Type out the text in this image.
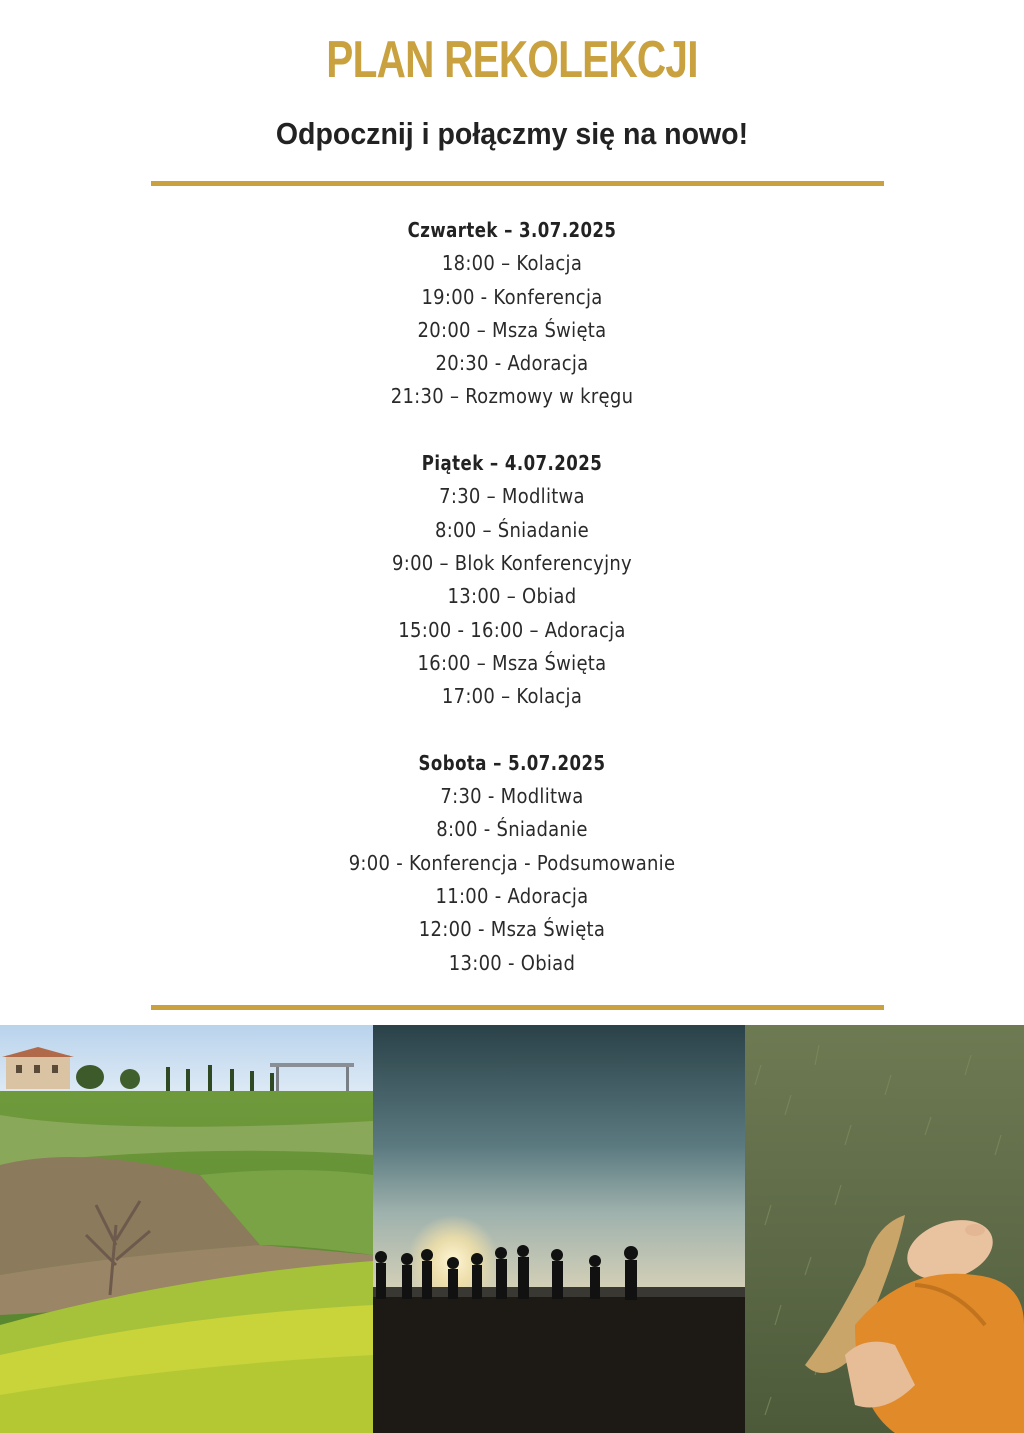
PLAN REKOLEKCJI
Odpocznij i połączmy się na nowo!
Czwartek – 3.07.2025
18:00 – Kolacja
19:00 - Konferencja
20:00 – Msza Święta
20:30 - Adoracja
21:30 – Rozmowy w kręgu
Piątek – 4.07.2025
7:30 – Modlitwa
8:00 – Śniadanie
9:00 – Blok Konferencyjny
13:00 – Obiad
15:00 - 16:00 – Adoracja
16:00 – Msza Święta
17:00 – Kolacja
Sobota – 5.07.2025
7:30 - Modlitwa
8:00 - Śniadanie
9:00 - Konferencja - Podsumowanie
11:00 - Adoracja
12:00 - Msza Święta
13:00 - Obiad
